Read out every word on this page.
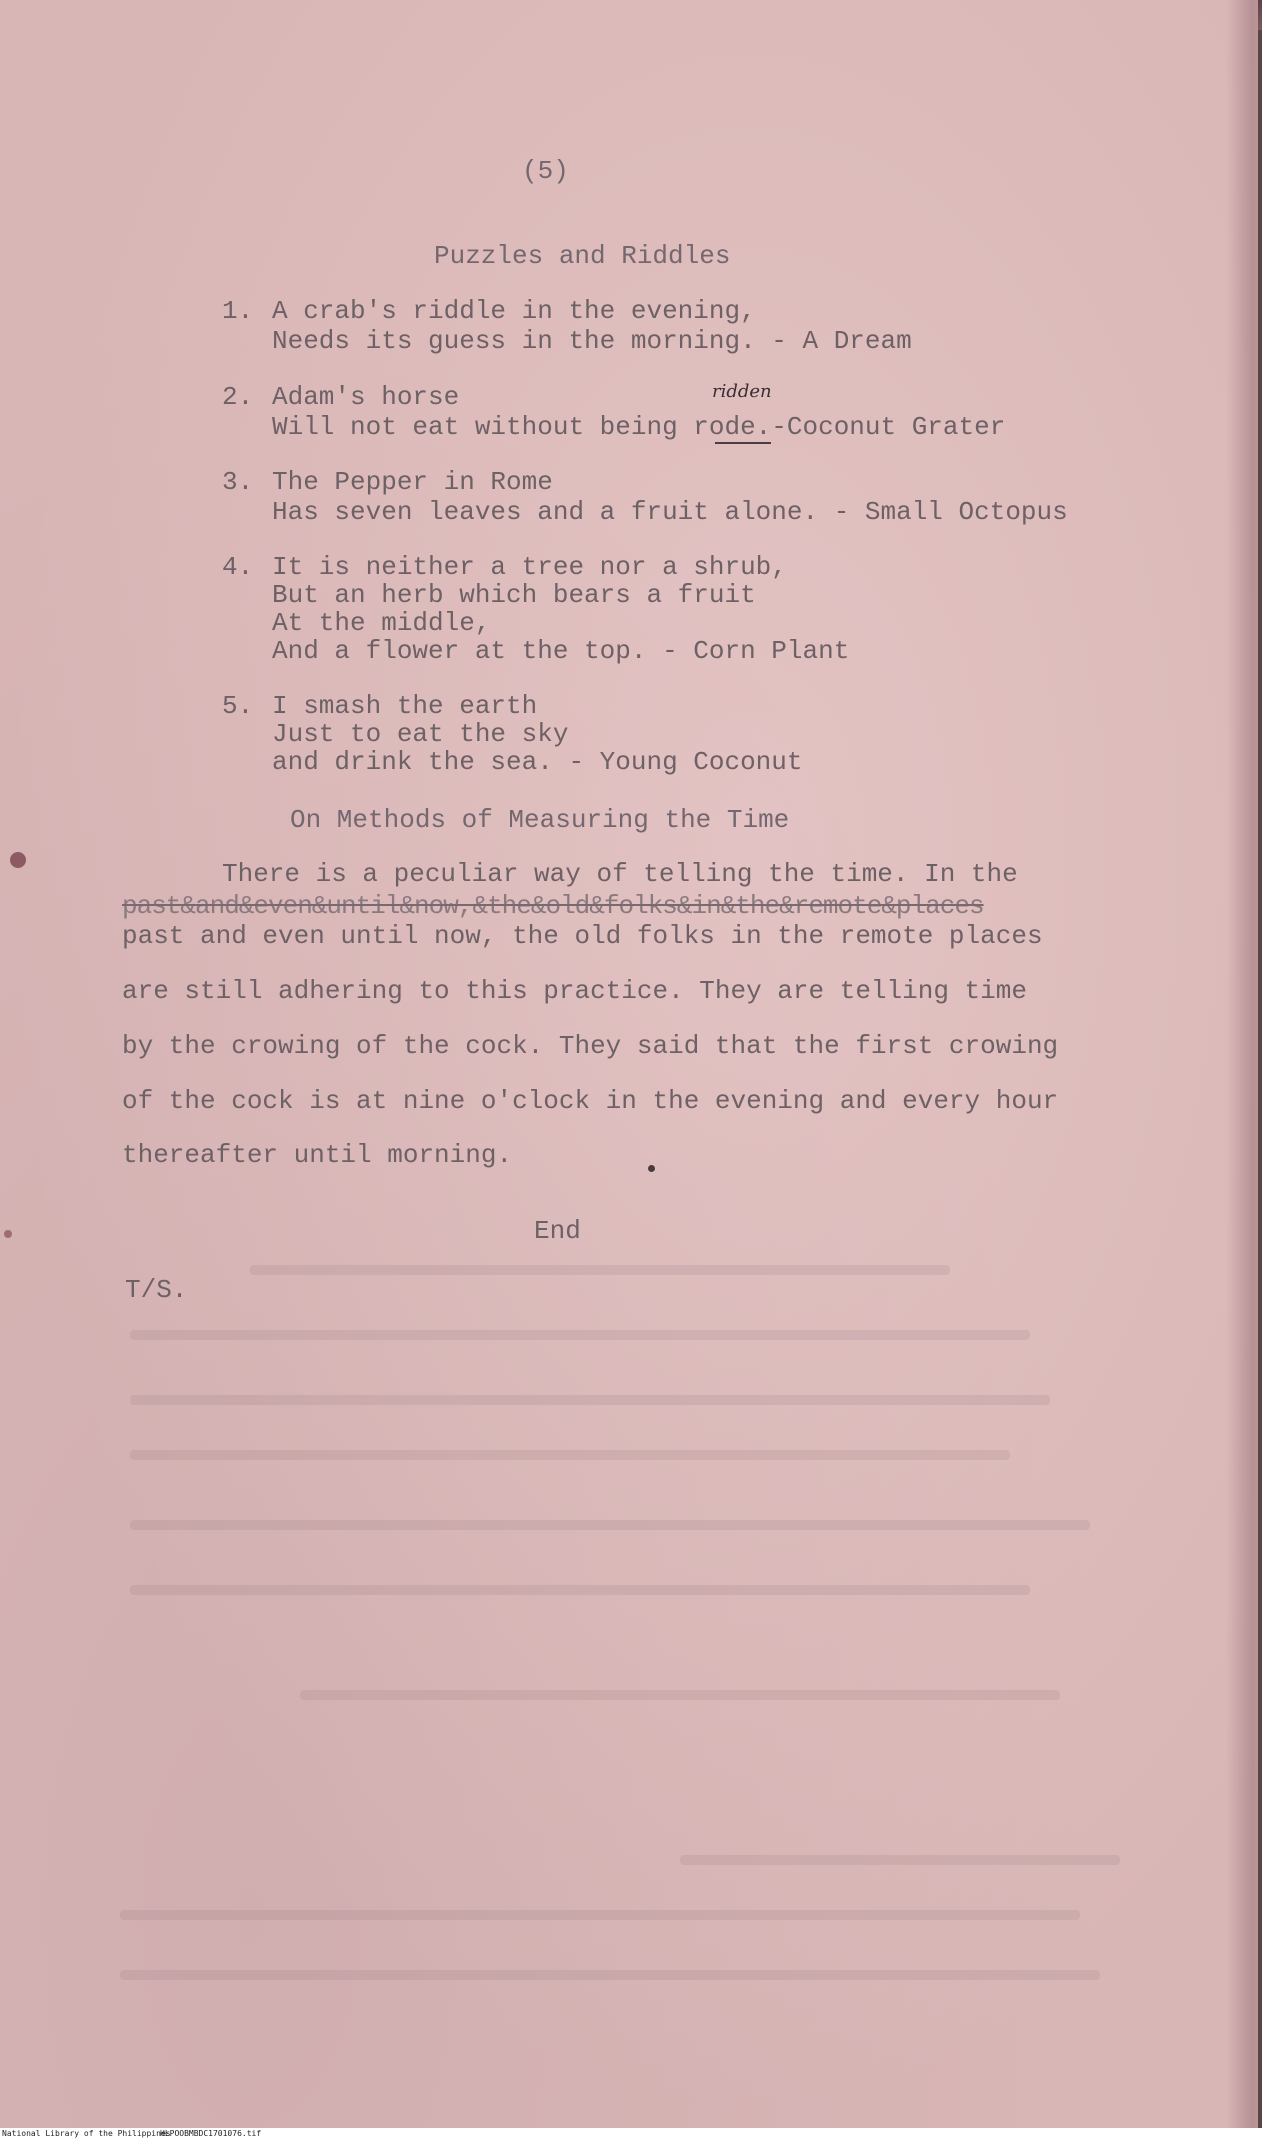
(5)
Puzzles and Riddles
1. A crab's riddle in the evening,
Needs its guess in the morning. - A Dream
2. Adam's horse
Will not eat without being rode.-Coconut Grater
ridden
3. The Pepper in Rome
Has seven leaves and a fruit alone. - Small Octopus
4. It is neither a tree nor a shrub,
But an herb which bears a fruit
At the middle,
And a flower at the top. - Corn Plant
5. I smash the earth
Just to eat the sky
and drink the sea. - Young Coconut
On Methods of Measuring the Time
There is a peculiar way of telling the time. In the
past&and&even&until&now,&the&old&folks&in&the&remote&places
past and even until now, the old folks in the remote places
are still adhering to this practice. They are telling time
by the crowing of the cock. They said that the first crowing
of the cock is at nine o'clock in the evening and every hour
thereafter until morning.
End
T/S.
National Library of the Philippines
HLPOOBMBDC1701076.tif
